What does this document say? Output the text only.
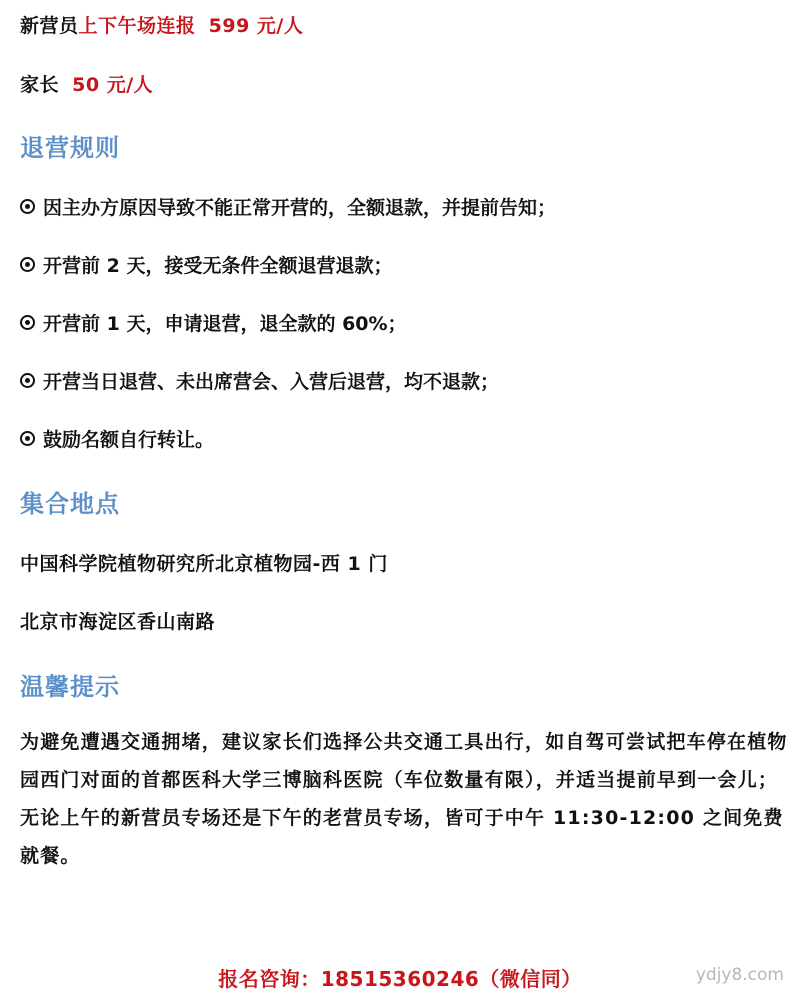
新营员上下午场连报 599 元/人
家长 50 元/人
退营规则
因主办方原因导致不能正常开营的，全额退款，并提前告知；
开营前 2 天，接受无条件全额退营退款；
开营前 1 天，申请退营，退全款的 60%；
开营当日退营、未出席营会、入营后退营，均不退款；
鼓励名额自行转让。
集合地点
中国科学院植物研究所北京植物园-西 1 门
北京市海淀区香山南路
温馨提示
为避免遭遇交通拥堵，建议家长们选择公共交通工具出行，如自驾可尝试把车停在植物园西门对面的首都医科大学三博脑科医院（车位数量有限），并适当提前早到一会儿；无论上午的新营员专场还是下午的老营员专场，皆可于中午 11:30-12:00 之间免费就餐。
报名咨询：18515360246（微信同）	ydjy8.com
